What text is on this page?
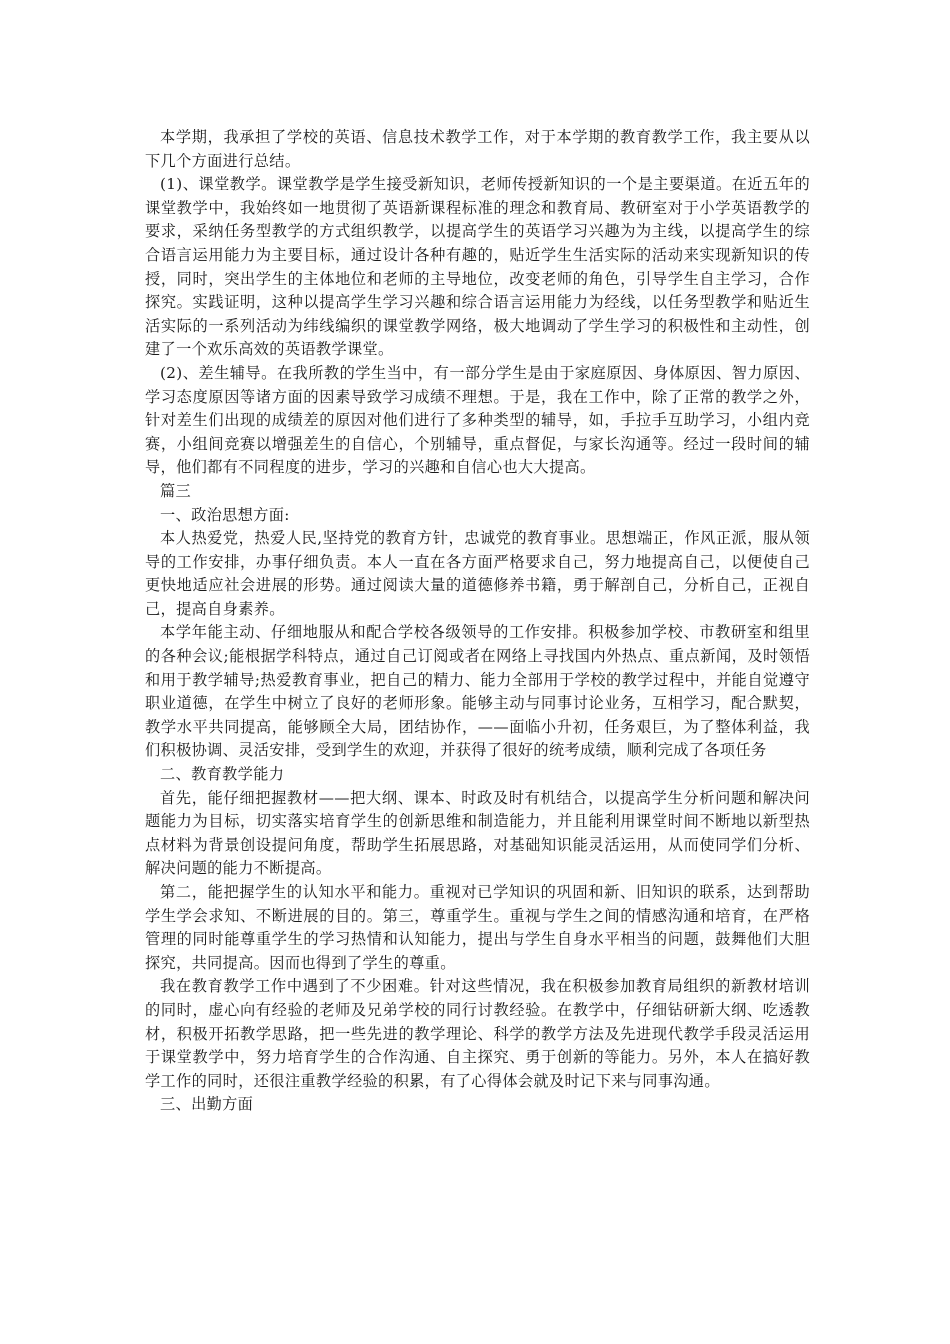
本学期，我承担了学校的英语、信息技术教学工作，对于本学期的教育教学工作，我主要从以下几个方面进行总结。

(1)、课堂教学。课堂教学是学生接受新知识，老师传授新知识的一个是主要渠道。在近五年的课堂教学中，我始终如一地贯彻了英语新课程标准的理念和教育局、教研室对于小学英语教学的要求，采纳任务型教学的方式组织教学，以提高学生的英语学习兴趣为为主线，以提高学生的综合语言运用能力为主要目标，通过设计各种有趣的，贴近学生生活实际的活动来实现新知识的传授，同时，突出学生的主体地位和老师的主导地位，改变老师的角色，引导学生自主学习，合作探究。实践证明，这种以提高学生学习兴趣和综合语言运用能力为经线，以任务型教学和贴近生活实际的一系列活动为纬线编织的课堂教学网络，极大地调动了学生学习的积极性和主动性，创建了一个欢乐高效的英语教学课堂。

(2)、差生辅导。在我所教的学生当中，有一部分学生是由于家庭原因、身体原因、智力原因、学习态度原因等诸方面的因素导致学习成绩不理想。于是，我在工作中，除了正常的教学之外，针对差生们出现的成绩差的原因对他们进行了多种类型的辅导，如，手拉手互助学习，小组内竞赛，小组间竞赛以增强差生的自信心，个别辅导，重点督促，与家长沟通等。经过一段时间的辅导，他们都有不同程度的进步，学习的兴趣和自信心也大大提高。

篇三

一、政治思想方面:

本人热爱党，热爱人民,坚持党的教育方针，忠诚党的教育事业。思想端正，作风正派，服从领导的工作安排，办事仔细负责。本人一直在各方面严格要求自己，努力地提高自己，以便使自己更快地适应社会进展的形势。通过阅读大量的道德修养书籍，勇于解剖自己，分析自己，正视自己，提高自身素养。

本学年能主动、仔细地服从和配合学校各级领导的工作安排。积极参加学校、市教研室和组里的各种会议;能根据学科特点，通过自己订阅或者在网络上寻找国内外热点、重点新闻，及时领悟和用于教学辅导;热爱教育事业，把自己的精力、能力全部用于学校的教学过程中，并能自觉遵守职业道德，在学生中树立了良好的老师形象。能够主动与同事讨论业务，互相学习，配合默契，教学水平共同提高，能够顾全大局，团结协作，——面临小升初，任务艰巨，为了整体利益，我们积极协调、灵活安排，受到学生的欢迎，并获得了很好的统考成绩，顺利完成了各项任务

二、教育教学能力

首先，能仔细把握教材——把大纲、课本、时政及时有机结合，以提高学生分析问题和解决问题能力为目标，切实落实培育学生的创新思维和制造能力，并且能利用课堂时间不断地以新型热点材料为背景创设提问角度，帮助学生拓展思路，对基础知识能灵活运用，从而使同学们分析、解决问题的能力不断提高。

第二，能把握学生的认知水平和能力。重视对已学知识的巩固和新、旧知识的联系，达到帮助学生学会求知、不断进展的目的。第三，尊重学生。重视与学生之间的情感沟通和培育，在严格管理的同时能尊重学生的学习热情和认知能力，提出与学生自身水平相当的问题，鼓舞他们大胆探究，共同提高。因而也得到了学生的尊重。

我在教育教学工作中遇到了不少困难。针对这些情况，我在积极参加教育局组织的新教材培训的同时，虚心向有经验的老师及兄弟学校的同行讨教经验。在教学中，仔细钻研新大纲、吃透教材，积极开拓教学思路，把一些先进的教学理论、科学的教学方法及先进现代教学手段灵活运用于课堂教学中，努力培育学生的合作沟通、自主探究、勇于创新的等能力。另外，本人在搞好教学工作的同时，还很注重教学经验的积累，有了心得体会就及时记下来与同事沟通。

三、出勤方面
